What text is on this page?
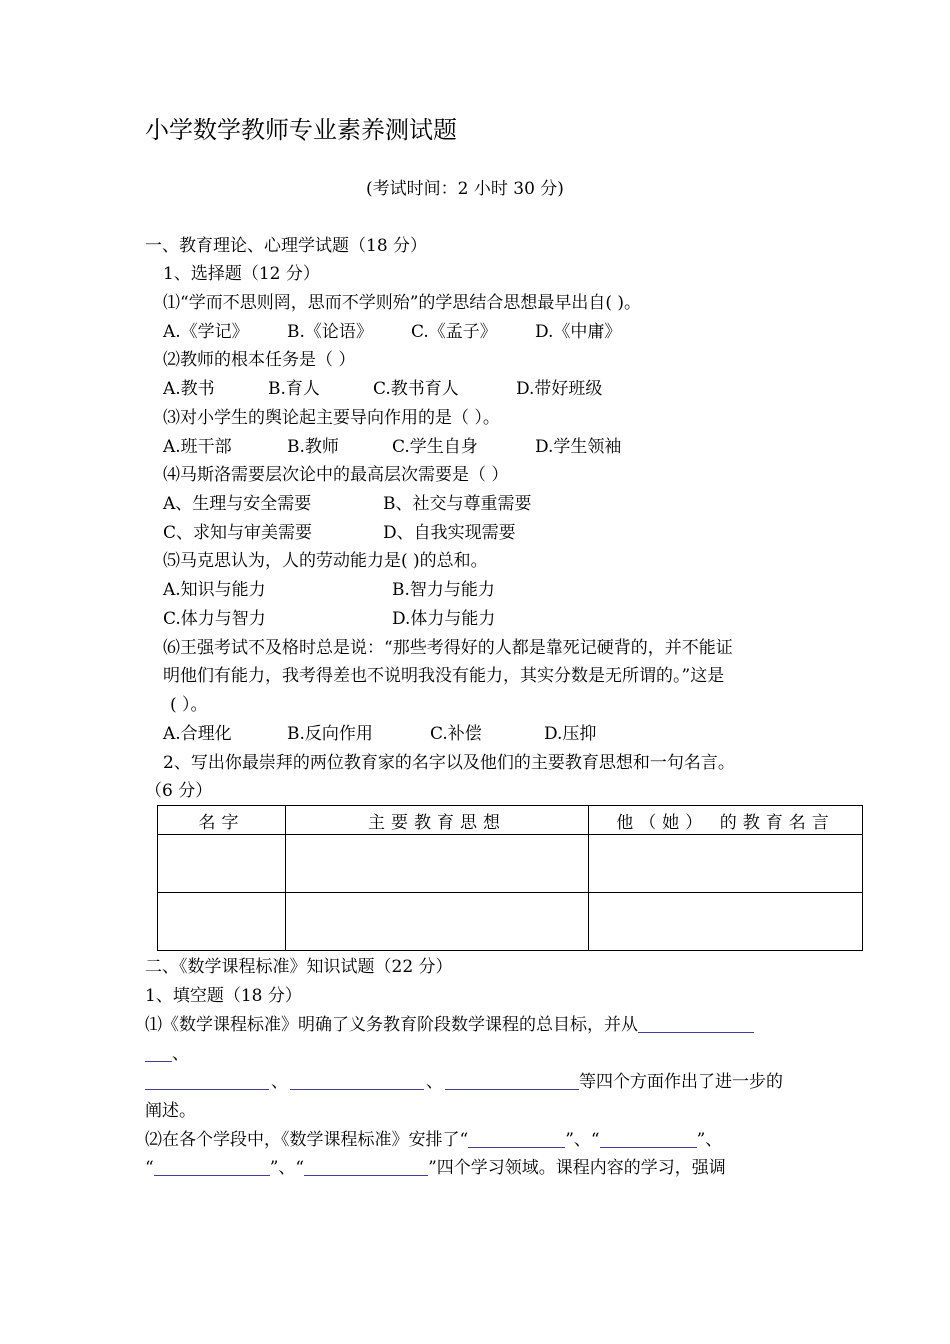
小学数学教师专业素养测试题
(考试时间：2 小时 30 分)
一、教育理论、心理学试题（18 分）
1、选择题（12 分）
⑴“学而不思则罔，思而不学则殆”的学思结合思想最早出自( )。
A.《学记》 B.《论语》 C.《孟子》 D.《中庸》
⑵教师的根本任务是（ ）
A.教书	B.育人	C.教书育人	D.带好班级
⑶对小学生的舆论起主要导向作用的是（ ）。
A.班干部	B.教师	C.学生自身	D.学生领袖
⑷马斯洛需要层次论中的最高层次需要是（ ）
A、生理与安全需要	B、社交与尊重需要
C、求知与审美需要	D、自我实现需要
⑸马克思认为，人的劳动能力是( )的总和。
A.知识与能力	B.智力与能力
C.体力与智力	D.体力与能力
⑹王强考试不及格时总是说：“那些考得好的人都是靠死记硬背的，并不能证
明他们有能力，我考得差也不说明我没有能力，其实分数是无所谓的。”这是
( ）。
A.合理化	B.反向作用	C.补偿	D.压抑
2、写出你最崇拜的两位教育家的名字以及他们的主要教育思想和一句名言。
（6 分）
名字	主要教育思想	他（她） 的教育名言

二、《数学课程标准》知识试题（22 分）
1、填空题（18 分）
⑴《数学课程标准》明确了义务教育阶段数学课程的总目标，并从
、
、	、	等四个方面作出了进一步的
阐述。
⑵在各个学段中，《数学课程标准》安排了“	”、“	”、
“	”、“	”四个学习领域。课程内容的学习，强调
